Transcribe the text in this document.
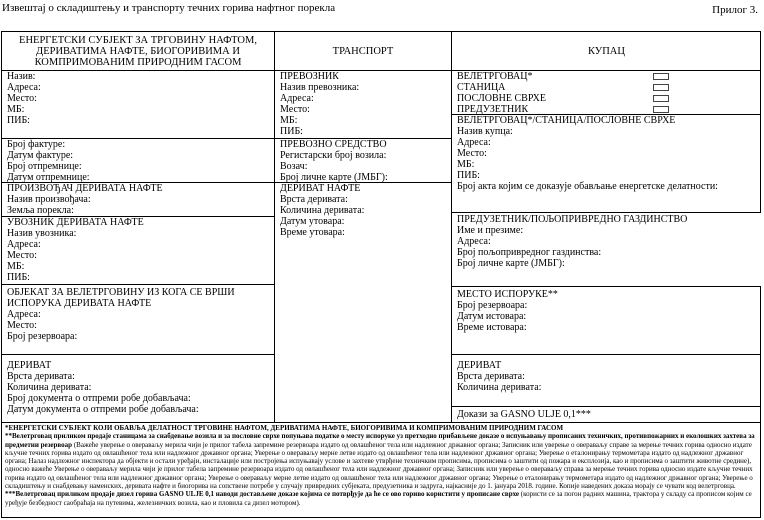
Извештај о складиштењу и транспорту течних горива нафтног порекла	Прилог 3.
ЕНЕРГЕТСКИ СУБЈЕКТ ЗА ТРГОВИНУ НАФТОМ,
ДЕРИВАТИМА НАФТЕ, БИОГОРИВИМА И
КОМПРИМОВАНИМ ПРИРОДНИМ ГАСОМ
Назив:
Адреса:
Место:
МБ:
ПИБ:
Број фактуре:
Датум фактуре:
Број отпремнице:
Датум отпремнице:
ПРОИЗВОЂАЧ ДЕРИВАТА НАФТЕ
Назив произвођача:
Земља порекла:
УВОЗНИК ДЕРИВАТА НАФТЕ
Назив увозника:
Адреса:
Место:
МБ:
ПИБ:
ОБЈЕКАТ ЗА ВЕЛЕТРГОВИНУ ИЗ КОГА СЕ ВРШИ
ИСПОРУКА ДЕРИВАТА НАФТЕ
Адреса:
Место:
Број резервоара:
ДЕРИВАТ
Врста деривата:
Количина деривата:
Број документа о отпреми робе добављача:
Датум документа о отпреми робе добављача:
ТРАНСПОРТ
ПРЕВОЗНИК
Назив превозника:
Адреса:
Место:
МБ:
ПИБ:
ПРЕВОЗНО СРЕДСТВО
Регистарски број возила:
Возач:
Број личне карте (ЈМБГ):
ДЕРИВАТ НАФТЕ
Врста деривата:
Количина деривата:
Датум утовара:
Време утовара:
КУПАЦ
ВЕЛЕТРГОВАЦ*
СТАНИЦА
ПОСЛОВНЕ СВРХЕ
ПРЕДУЗЕТНИК
ВЕЛЕТРГОВАЦ*/СТАНИЦА/ПОСЛОВНЕ СВРХЕ
Назив купца:
Адреса:
Место:
МБ:
ПИБ:
Број акта којим се доказује обављање енергетске делатности:
ПРЕДУЗЕТНИК/ПОЉОПРИВРЕДНО ГАЗДИНСТВО
Име и презиме:
Адреса:
Број пољопривредног газдинства:
Број личне карте (ЈМБГ):
МЕСТО ИСПОРУКЕ**
Број резервоара:
Датум истовара:
Време истовара:
ДЕРИВАТ
Врста деривата:
Количина деривата:
Докази за GASNO ULJE 0,1***
*ЕНЕРГЕТСКИ СУБЈЕКТ КОЈИ ОБАВЉА ДЕЛАТНОСТ ТРГОВИНЕ НАФТОМ, ДЕРИВАТИМА НАФТЕ, БИОГОРИВИМА И КОМПРИМОВАНИМ ПРИРОДНИМ ГАСОМ
**Велетрговац приликом продаје станицама за снабдевање возила и за пословне сврхе попуњава податке о месту испоруке уз претходно прибављене доказе о испуњавању прописаних техничких, противпожарних и еколошких захтева за предметни резервоар (Важеће уверење о овераваљу мерила чији је прилог табела запремине резервоара издато од овлашћеног тела или надлежног државног органа; Записник или уверење о овераваљу справе за мерење течних горива односно издате кључне течних горива издато од овлашћеног тела или надлежног државног органа; Уверење о овераваљу мерне летве издато од овлашћеног тела или надлежног државног органа; Уверење о еталонирању термометара издато од надлежног државног органа; Налаз надлежног инспектора да објекти и остали уређаји, инсталације или постројења испуњавају услове и захтеве утврђене техничким прописима, прописима о заштити од пожара и експлозија, као и прописима о заштити животне средине), односно важеће Уверење о овераваљу мерила чији је прилог табела запремине резервоара издато од овлашћеног тела или надлежног државног органа; Записник или уверење о овераваљу справа за мерење течних горива односно издате кључне течних горива издато од овлашћеног тела или надлежног државног органа; Уверење о овераваљу мерне летве издато од овлашћеног тела или надлежног државног органа; Уверење о еталонирању термометара издато од надлежног државног органа; Уверење о складиштењу и снабдевању наменских, деривата нафте и биогорива на сопствене потребе у случају привредних субјеката, предузетника и задруга, најкасније до 1. јануара 2018. године. Копије наведених доказа морају се чувати код велетрговца.
***Велетрговац приликом продаје дизел горива GASNO ULJE 0,1 наводи достављене доказе којима се потврђује да ће се ово гориво користити у прописане сврхе (користи се за погон радних машина, трактора у складу са прописом којим се уређује безбедност саобраћаја на путевима, железничких возила, као и пловила са дизел мотором).
